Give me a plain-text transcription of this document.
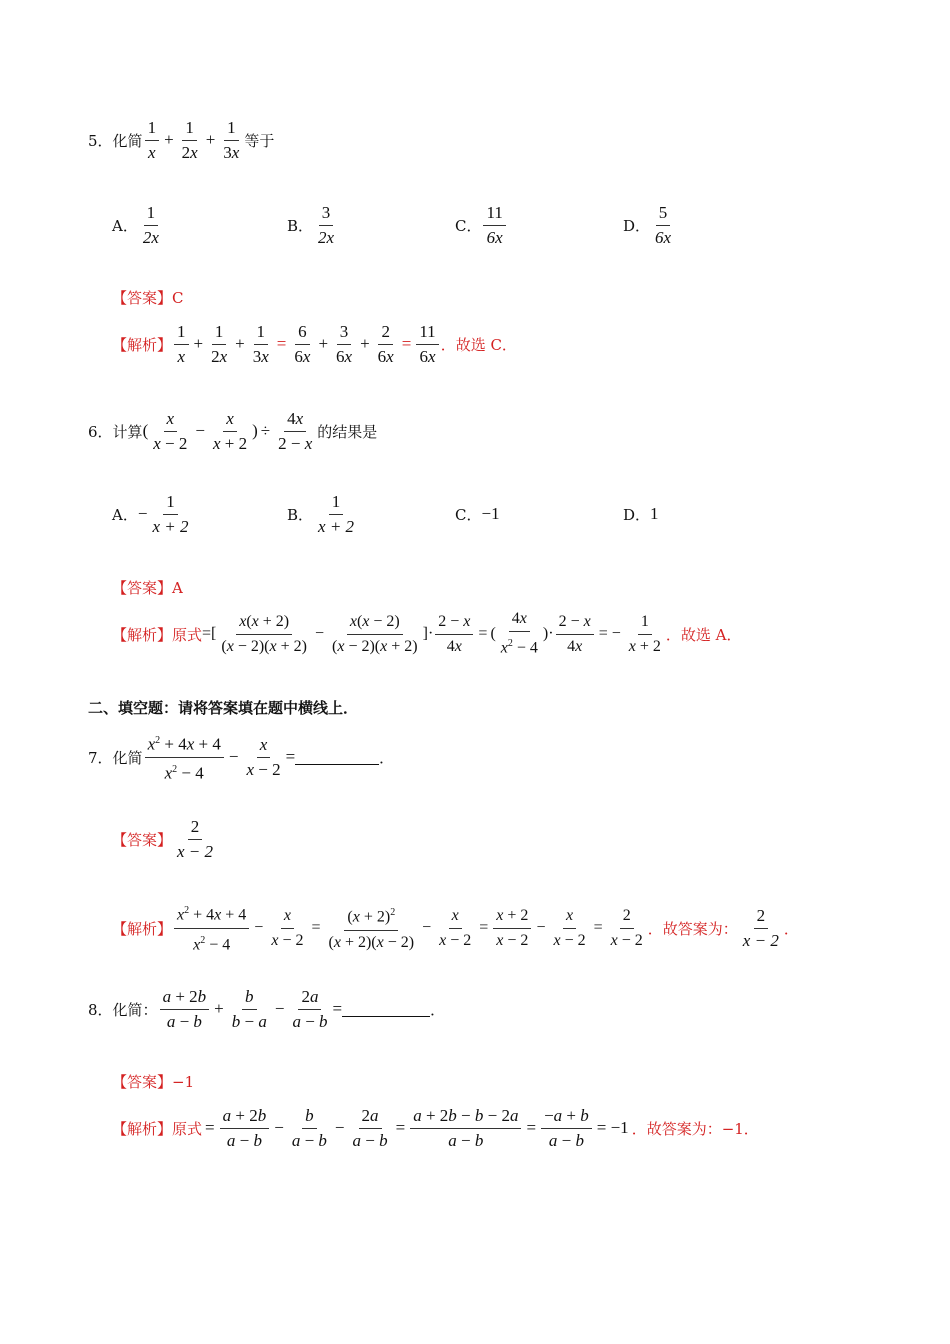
5． 化简 $\frac{1}{x} + \frac{1}{2x} + \frac{1}{3x}$ 等于
A． $\frac{1}{2x}$	B． $\frac{3}{2x}$	C． $\frac{11}{6x}$	D． $\frac{5}{6x}$
【答案】C
【解析】 $\frac{1}{x} + \frac{1}{2x} + \frac{1}{3x} = \frac{6}{6x} + \frac{3}{6x} + \frac{2}{6x} = \frac{11}{6x}$ ．故选 C．
6． 计算 ( $\frac{x}{x - 2} - \frac{x}{x + 2}$ ) ÷ $\frac{4x}{2 - x}$ 的结果是
A． − $\frac{1}{x + 2}$	B． $\frac{1}{x + 2}$	C． −1	D． 1
【答案】A
【解析】 原式 =[ $\frac{x(x + 2)}{(x - 2)(x + 2)} - \frac{x(x - 2)}{(x - 2)(x + 2)}$ ]· $\frac{2 - x}{4x}$ = ( $\frac{4x}{x^2 - 4}$ )· $\frac{2 - x}{4x}$ = − $\frac{1}{x + 2}$ ．故选 A．
二、填空题：请将答案填在题中横线上．
7． 化简 $\frac{x^2 + 4x + 4}{x^2 - 4} - \frac{x}{x - 2}$ =	．
【答案】 $\frac{2}{x - 2}$
【解析】 $\frac{x^2 + 4x + 4}{x^2 - 4} - \frac{x}{x - 2} = \frac{(x + 2)^2}{(x + 2)(x - 2)} - \frac{x}{x - 2} = \frac{x + 2}{x - 2} - \frac{x}{x - 2} = \frac{2}{x - 2}$ ．故答案为： $\frac{2}{x - 2}$ ．
8． 化简： $\frac{a + 2b}{a - b} + \frac{b}{b - a} - \frac{2a}{a - b}$ =	．
【答案】−1
【解析】 原式 = $\frac{a + 2b}{a - b} - \frac{b}{a - b} - \frac{2a}{a - b} = \frac{a + 2b - b - 2a}{a - b} = \frac{-a + b}{a - b} = -1$ ．故答案为：−1．
